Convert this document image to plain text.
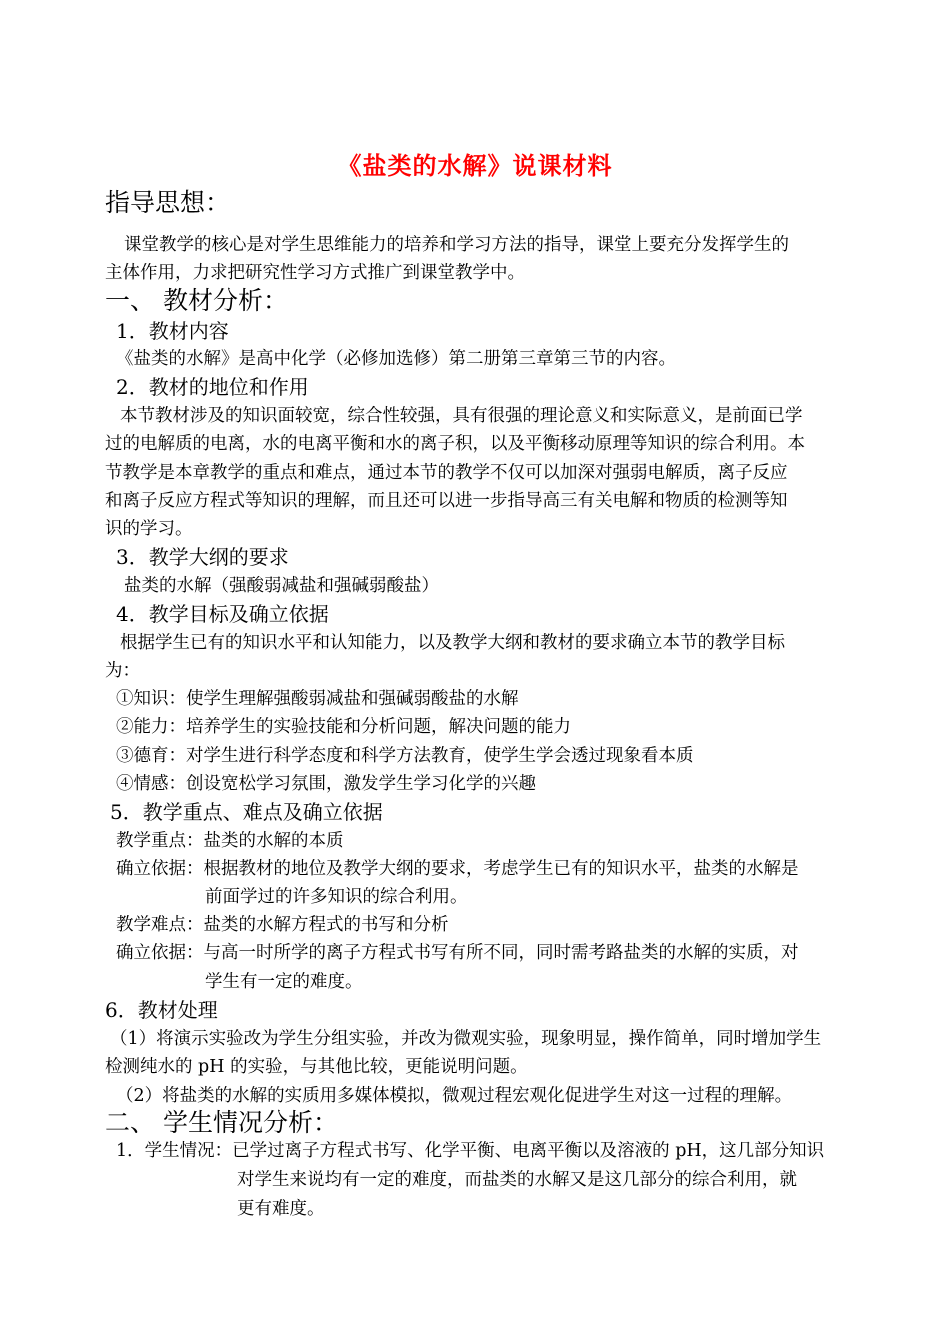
《盐类的水解》说课材料
指导思想：
课堂教学的核心是对学生思维能力的培养和学习方法的指导，课堂上要充分发挥学生的
主体作用，力求把研究性学习方式推广到课堂教学中。
一、 教材分析：
1．教材内容
《盐类的水解》是高中化学（必修加选修）第二册第三章第三节的内容。
2．教材的地位和作用
本节教材涉及的知识面较宽，综合性较强，具有很强的理论意义和实际意义，是前面已学
过的电解质的电离，水的电离平衡和水的离子积，以及平衡移动原理等知识的综合利用。本
节教学是本章教学的重点和难点，通过本节的教学不仅可以加深对强弱电解质，离子反应
和离子反应方程式等知识的理解，而且还可以进一步指导高三有关电解和物质的检测等知
识的学习。
3．教学大纲的要求
盐类的水解（强酸弱减盐和强碱弱酸盐）
4．教学目标及确立依据
根据学生已有的知识水平和认知能力，以及教学大纲和教材的要求确立本节的教学目标
为：
①知识：使学生理解强酸弱减盐和强碱弱酸盐的水解
②能力：培养学生的实验技能和分析问题，解决问题的能力
③德育：对学生进行科学态度和科学方法教育，使学生学会透过现象看本质
④情感：创设宽松学习氛围，激发学生学习化学的兴趣
5．教学重点、难点及确立依据
教学重点：盐类的水解的本质
确立依据：根据教材的地位及教学大纲的要求，考虑学生已有的知识水平，盐类的水解是
前面学过的许多知识的综合利用。
教学难点：盐类的水解方程式的书写和分析
确立依据：与高一时所学的离子方程式书写有所不同，同时需考路盐类的水解的实质，对
学生有一定的难度。
6．教材处理
（1）将演示实验改为学生分组实验，并改为微观实验，现象明显，操作简单，同时增加学生
检测纯水的 pH 的实验，与其他比较，更能说明问题。
（2）将盐类的水解的实质用多媒体模拟，微观过程宏观化促进学生对这一过程的理解。
二、 学生情况分析：
1．学生情况：已学过离子方程式书写、化学平衡、电离平衡以及溶液的 pH，这几部分知识
对学生来说均有一定的难度，而盐类的水解又是这几部分的综合利用，就
更有难度。
